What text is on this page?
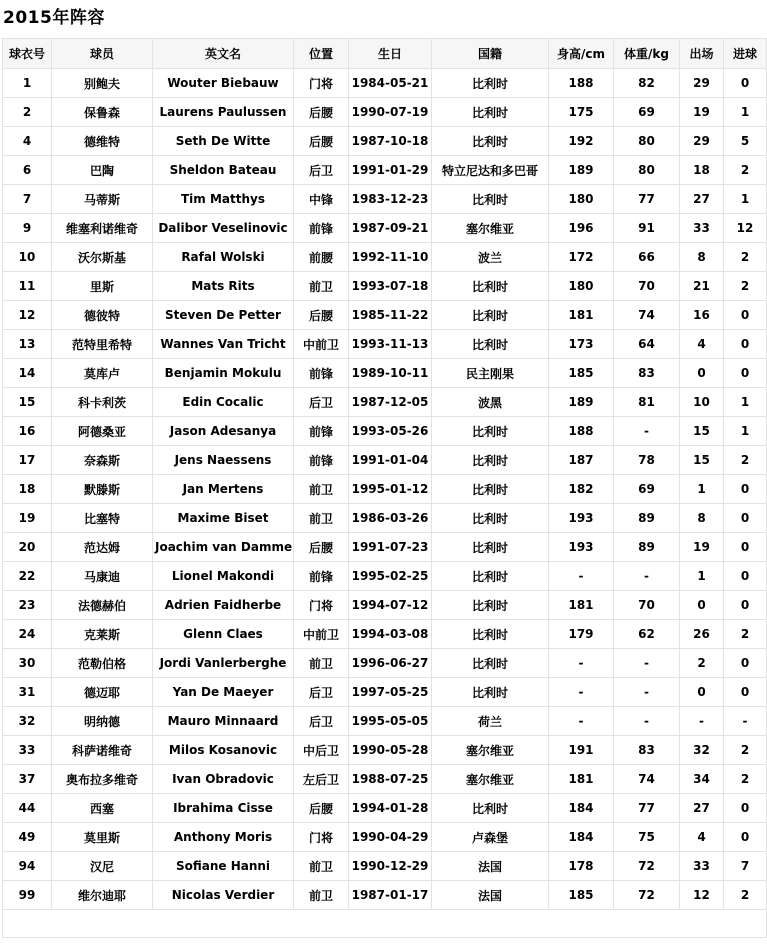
2015年阵容
球衣号	球员	英文名	位置	生日	国籍	身高/cm	体重/kg	出场	进球
1	别鲍夫	Wouter Biebauw	门将	1984-05-21	比利时	188	82	29	0
2	保鲁森	Laurens Paulussen	后腰	1990-07-19	比利时	175	69	19	1
4	德维特	Seth De Witte	后腰	1987-10-18	比利时	192	80	29	5
6	巴陶	Sheldon Bateau	后卫	1991-01-29	特立尼达和多巴哥	189	80	18	2
7	马蒂斯	Tim Matthys	中锋	1983-12-23	比利时	180	77	27	1
9	维塞利诺维奇	Dalibor Veselinovic	前锋	1987-09-21	塞尔维亚	196	91	33	12
10	沃尔斯基	Rafal Wolski	前腰	1992-11-10	波兰	172	66	8	2
11	里斯	Mats Rits	前卫	1993-07-18	比利时	180	70	21	2
12	德彼特	Steven De Petter	后腰	1985-11-22	比利时	181	74	16	0
13	范特里希特	Wannes Van Tricht	中前卫	1993-11-13	比利时	173	64	4	0
14	莫库卢	Benjamin Mokulu	前锋	1989-10-11	民主刚果	185	83	0	0
15	科卡利茨	Edin Cocalic	后卫	1987-12-05	波黑	189	81	10	1
16	阿德桑亚	Jason Adesanya	前锋	1993-05-26	比利时	188	-	15	1
17	奈森斯	Jens Naessens	前锋	1991-01-04	比利时	187	78	15	2
18	默滕斯	Jan Mertens	前卫	1995-01-12	比利时	182	69	1	0
19	比塞特	Maxime Biset	前卫	1986-03-26	比利时	193	89	8	0
20	范达姆	Joachim van Damme	后腰	1991-07-23	比利时	193	89	19	0
22	马康迪	Lionel Makondi	前锋	1995-02-25	比利时	-	-	1	0
23	法德赫伯	Adrien Faidherbe	门将	1994-07-12	比利时	181	70	0	0
24	克莱斯	Glenn Claes	中前卫	1994-03-08	比利时	179	62	26	2
30	范勒伯格	Jordi Vanlerberghe	前卫	1996-06-27	比利时	-	-	2	0
31	德迈耶	Yan De Maeyer	后卫	1997-05-25	比利时	-	-	0	0
32	明纳德	Mauro Minnaard	后卫	1995-05-05	荷兰	-	-	-	-
33	科萨诺维奇	Milos Kosanovic	中后卫	1990-05-28	塞尔维亚	191	83	32	2
37	奥布拉多维奇	Ivan Obradovic	左后卫	1988-07-25	塞尔维亚	181	74	34	2
44	西塞	Ibrahima Cisse	后腰	1994-01-28	比利时	184	77	27	0
49	莫里斯	Anthony Moris	门将	1990-04-29	卢森堡	184	75	4	0
94	汉尼	Sofiane Hanni	前卫	1990-12-29	法国	178	72	33	7
99	维尔迪耶	Nicolas Verdier	前卫	1987-01-17	法国	185	72	12	2
